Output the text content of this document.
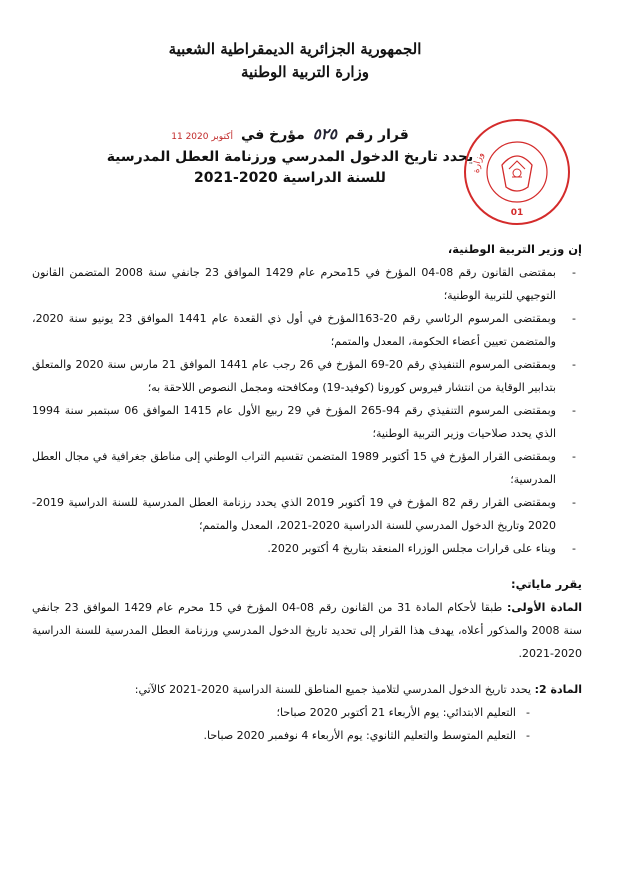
الجمهورية الجزائرية الديمقراطية الشعبية
وزارة التربية الوطنية
قرار رقم
٥٢٥
مؤرخ في
11 أكتوبر 2020
يحدد تاريخ الدخول المدرسي ورزنامة العطل المدرسية
للسنة الدراسية 2020-2021	وزارة
01

إن وزير التربية الوطنية،

- بمقتضى القانون رقم 08-04 المؤرخ في 15محرم عام 1429 الموافق 23 جانفي سنة 2008 المتضمن القانون التوجيهي للتربية الوطنية؛
- وبمقتضى المرسوم الرئاسي رقم 20-163المؤرخ في أول ذي القعدة عام 1441 الموافق 23 يونيو سنة 2020، والمتضمن تعيين أعضاء الحكومة، المعدل والمتمم؛
- وبمقتضى المرسوم التنفيذي رقم 20-69 المؤرخ في 26 رجب عام 1441 الموافق 21 مارس سنة 2020 والمتعلق بتدابير الوقاية من انتشار فيروس كورونا (كوفيد-19) ومكافحته ومجمل النصوص اللاحقة به؛
- وبمقتضى المرسوم التنفيذي رقم 94-265 المؤرخ في 29 ربيع الأول عام 1415 الموافق 06 سبتمبر سنة 1994 الذي يحدد صلاحيات وزير التربية الوطنية؛
- وبمقتضى القرار المؤرخ في 15 أكتوبر 1989 المتضمن تقسيم التراب الوطني إلى مناطق جغرافية في مجال العطل المدرسية؛
- وبمقتضى القرار رقم 82 المؤرخ في 19 أكتوبر 2019 الذي يحدد رزنامة العطل المدرسية للسنة الدراسية 2019-2020 وتاريخ الدخول المدرسي للسنة الدراسية 2020-2021، المعدل والمتمم؛
- وبناء على قرارات مجلس الوزراء المنعقد بتاريخ 4 أكتوبر 2020.

يقرر ماياتي:

المادة الأولى: طبقا لأحكام المادة 31 من القانون رقم 08-04 المؤرخ في 15 محرم عام 1429 الموافق 23 جانفي سنة 2008 والمذكور أعلاه، يهدف هذا القرار إلى تحديد تاريخ الدخول المدرسي ورزنامة العطل المدرسية للسنة الدراسية 2020-2021.

المادة 2: يحدد تاريخ الدخول المدرسي لتلاميذ جميع المناطق للسنة الدراسية 2020-2021 كالآتي:

- التعليم الابتدائي: يوم الأربعاء 21 أكتوبر 2020 صباحا؛
- التعليم المتوسط والتعليم الثانوي: يوم الأربعاء 4 نوفمبر 2020 صباحا.
